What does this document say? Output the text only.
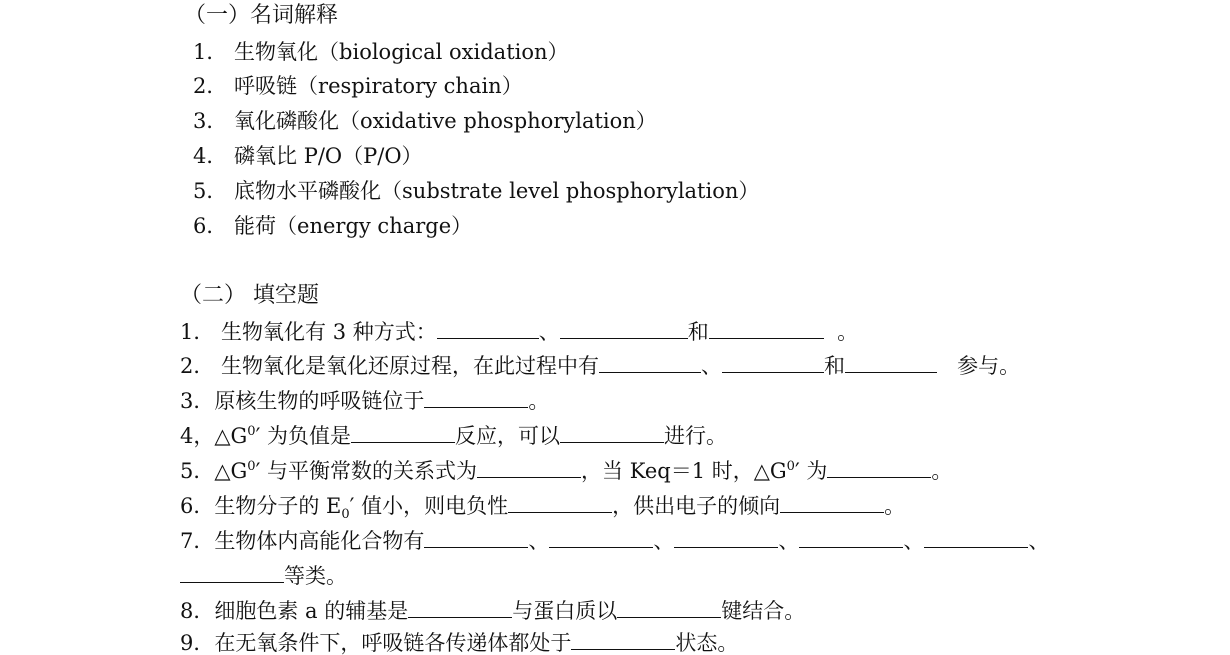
（一）名词解释
1． 生物氧化（biological oxidation）
2． 呼吸链（respiratory chain）
3． 氧化磷酸化（oxidative phosphorylation）
4． 磷氧比 P/O（P/O）
5． 底物水平磷酸化（substrate level phosphorylation）
6． 能荷（energy charge）
（二） 填空题
1． 生物氧化有 3 种方式：	、	和	。
2． 生物氧化是氧化还原过程，在此过程中有	、	和	参与。
3．原核生物的呼吸链位于	。
4，$\triangle G^0'$ 为负值是	反应，可以	进行。
5．$\triangle G^0'$ 与平衡常数的关系式为	，当 Keq＝1 时，$\triangle G^0'$ 为	。
6．生物分子的 $E_0'$ 值小，则电负性	，供出电子的倾向	。
7．生物体内高能化合物有	、	、	、	、	、
等类。
8．细胞色素 a 的辅基是	与蛋白质以	键结合。
9．在无氧条件下，呼吸链各传递体都处于	状态。
